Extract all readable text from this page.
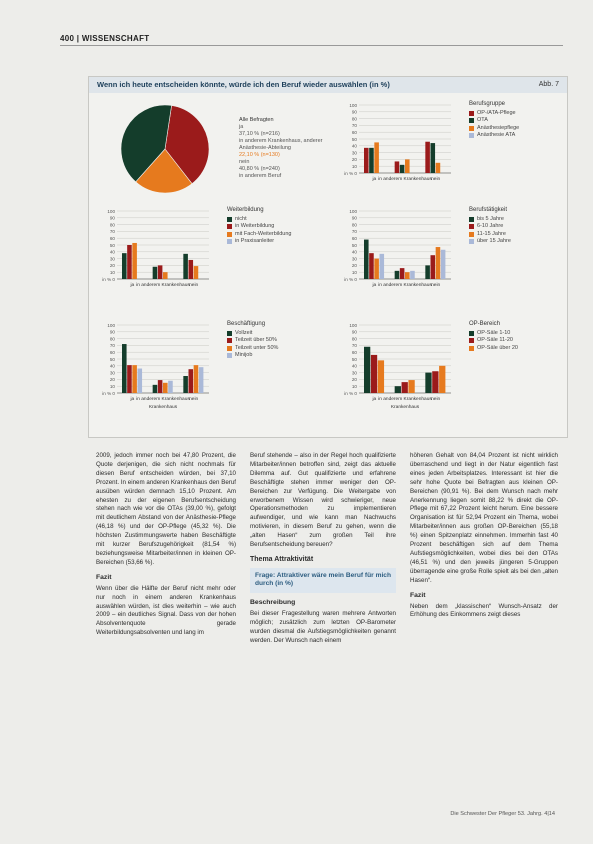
400 | WISSENSCHAFT
Wenn ich heute entscheiden könnte, würde ich den Beruf wieder auswählen (in %)	Abb. 7
Alle Befragten
ja
37,10 % (n=216)
in anderem Krankenhaus, anderer Anästhesie-Abteilung
22,10 % (n=130)
nein
40,80 % (n=240)
in anderem Beruf
100
90
80
70
60
50
40
30
20
10
in % 0
ja in anderem Krankenhaus nein
Berufsgruppe
OP-/ATA-Pflege
OTA
Anästhesiepflege
Anästhesie ATA
100
90
80
70
60
50
40
30
20
10
in % 0
ja in anderem Krankenhaus nein
Weiterbildung
nicht
in Weiterbildung
mit Fach-Weiterbildung
in Praxisanleiter
100
90
80
70
60
50
40
30
20
10
in % 0
ja in anderem Krankenhaus nein
Berufstätigkeit
bis 5 Jahre
6-10 Jahre
11-15 Jahre
über 15 Jahre
100
90
80
70
60
50
40
30
20
10
in % 0
ja in anderem Krankenhaus nein
Krankenhaus
Beschäftigung
Vollzeit
Teilzeit über 50%
Teilzeit unter 50%
Minijob
100
90
80
70
60
50
40
30
20
10
in % 0
ja in anderem Krankenhaus nein
Krankenhaus
OP-Bereich
OP-Säle 1-10
OP-Säle 11-20
OP-Säle über 20

2009, jedoch immer noch bei 47,80 Prozent, die Quote derjenigen, die sich nicht nochmals für diesen Beruf entscheiden würden, bei 37,10 Prozent. In einem anderen Krankenhaus den Beruf ausüben würden demnach 15,10 Prozent. Am ehesten zu der eigenen Berufsentscheidung stehen nach wie vor die OTAs (39,00 %), gefolgt mit deutlichem Abstand von der Anästhesie-Pflege (46,18 %) und der OP-Pflege (45,32 %). Die höchsten Zustimmungswerte haben Beschäftigte mit kurzer Berufszugehörigkeit (81,54 %) beziehungsweise Mitarbeiter/innen in kleinen OP-Bereichen (53,66 %).

Fazit

Wenn über die Hälfte der Beruf nicht mehr oder nur noch in einem anderen Krankenhaus auswählen würden, ist dies weiterhin – wie auch 2009 – ein deutliches Signal. Dass von der hohen Absolventenquote gerade Weiterbildungsabsolventen und lang im

Beruf stehende – also in der Regel hoch qualifizierte Mitarbeiter/innen betroffen sind, zeigt das aktuelle Dilemma auf. Gut qualifizierte und erfahrene Beschäftigte stehen immer weniger den OP-Bereichen zur Verfügung. Die Weitergabe von erworbenem Wissen wird schwieriger, neue Operationsmethoden zu implementieren aufwendiger, und wie kann man Nachwuchs motivieren, in diesem Beruf zu gehen, wenn die „alten Hasen“ zum großen Teil ihre Berufsentscheidung bereuen?

Thema Attraktivität
Frage: Attraktiver wäre mein Beruf für mich durch (in %)
Beschreibung

Bei dieser Fragestellung waren mehrere Antworten möglich; zusätzlich zum letzten OP-Barometer wurden diesmal die Aufstiegsmöglichkeiten genannt werden. Der Wunsch nach einem

höheren Gehalt von 84,04 Prozent ist nicht wirklich überraschend und liegt in der Natur eigentlich fast eines jeden Arbeitsplatzes. Interessant ist hier die sehr hohe Quote bei Befragten aus kleinen OP-Bereichen (90,91 %). Bei dem Wunsch nach mehr Anerkennung liegen somit 88,22 % direkt die OP-Pflege mit 67,22 Prozent leicht herum. Eine bessere Organisation ist für 52,94 Prozent ein Thema, wobei Mitarbeiter/innen aus großen OP-Bereichen (55,18 %) einen Spitzenplatz einnehmen. Immerhin fast 40 Prozent beschäftigen sich auf dem Thema Aufstiegsmöglichkeiten, wobei dies bei den OTAs (46,51 %) und den jeweils jüngeren 5-Gruppen überragende eine große Rolle spielt als bei den „alten Hasen“.

Fazit

Neben dem „klassischen“ Wunsch-Ansatz der Erhöhung des Einkommens zeigt dieses

Die Schwester Der Pfleger 53. Jahrg. 4|14
